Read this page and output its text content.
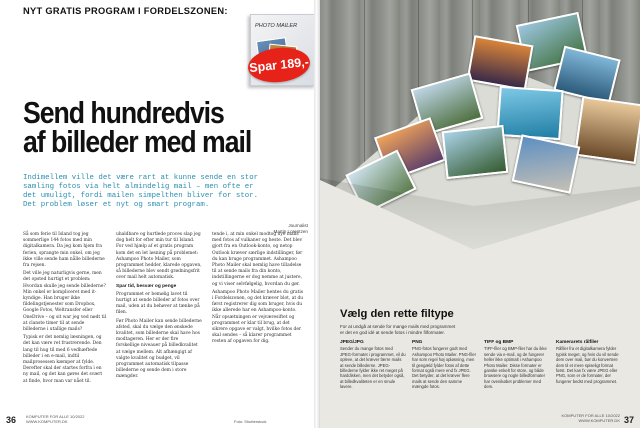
NYT GRATIS PROGRAM I FORDELSZONEN:
PHOTO MAILER
Spar 189,-
Send hundredvis
af billeder med mail
Indimellem ville det være rart at kunne sende en stor
samling fotos via helt almindelig mail – men ofte er
det umuligt, fordi mailen simpelthen bliver for stor.
Det problem løser et nyt og smart program.
Journalist
Martin Lorentzen

Så som ferie til Island tog jeg sommerlige 144 fotos med min digitalkamera. Da jeg kom hjem fra ferien, sprangte min onkel, om jeg ikke ville sende ham nålle billederne fra rejsen.

Det ville jeg naturligvis gerne, men det opsted hurtigt et problem: Hvordan skulle jeg sende billederne? Min onkel er kompliceret med it-kyndige. Han bruger ikke fildelingstjenester som Dropbox, Google Fotos, Weltransfer eller OneDrive – og sit war jeg ved nødt til at clanste timer til at sende billederne i utallige mails?

Typisk er det nemlig læsningen, og det kan være ret frustrerende. Den lang til hug til med 6 vedhæftede billeder i en e-mail, indtil mailprosessen kæmper at fylde. Derefter skal der startes forfra i en ny mail, og det kan gøres det svært at finde, hvor man var nået til.

uhaldbare og hurtlede proces slap jeg dog helt for efter min tur til Island. For ved hjælp af et gratis program kom det en let løsning på problemet: Ashampoo Photo Mailer, som programmet hedder, klarede opgaven, så billederne blev sendt grødningsfrit over mail helt automatisk.

Spar tid, besvær og penge

Programmet er bemølig lavet til hurtigt at sende billeder af fotos over mail, uden at du behøver at tænke på filen.

Før Photo Mailer kan sende billederne afsted, skal du vælge den ønskede kvalitet, som billederne skal have hos modtageren. Her er der fire forskellige niveauer på billedkvalitet at vælge mellem. Alt afhængigt af valgte kvalitet og budget, vil programmet automatisk tilpasse billederne og sende dem i store mængder.

tende i, at min onkel modtog nye mails med fotos af vulkaner og heste. Det blev gjort fra en Outlook-konto, og netop Outlook kræver særlige indstillinger, før du kan bruge programmet. Ashampoo Photo Mailer skal nemlig have tilladelse til at sende mails fra din konto, indstillingerne er dog nemme at justere, og vi viser selvfølgelig, hvordan du gør.

Ashampoo Photo Mailer hentes du gratis i Fordelszonen, og det kræver blot, at du først registrerer dig som bruger, hvis du ikke allerede har en Ashampoo-konto. Når opsætningen er vejværesiftet og programmet er klar til brug, at det sikrere opgave er valgt, hvilke fotos der skal sendes – så klarer programmet resten af opgaven for dig.

36 KOMPUTER FOR ALLE 10/2022
WWW.KOMPUTER.DK	Foto: Shutterstock
Vælg den rette filtype
For at undgå at sende for mange mails med programmet
er det en god idé at sende fotos i mindre filformater.
JPEG/JPG
Sender du mange fotos med JPEG-formatet i programmet, vil du opleve, at det kræver færre mails at sende billederne. JPEG-billederne fylder ikke ret meget på harddisken, men det betyder også, at billedkvaliteten er en smule lavere.
PNG
PNG-fotos fungerer godt med Ashampoo Photo Mailer. PNG-filer har som regel høj opløsning, men til gengæld fylder fotos af dette format også mere end fx JPEG. Det betyder, at det kræver flere mails at sende den samme mængde fotos.
TIFF og BMP
TIFF-filer og BMP-filer har du ikke sende via e-mail, og de fungerer heller ikke optimalt i Ashampoo Photo Mailer. Disse formater er ganske enkelt for store, og både browsere og nogle billedformater har ovenikøbet problemer med dem.
Kamerarets rålfiler
Råfiler fra et digitalkamera fylder typisk meget, og hvis du vil sende dem over mail, bør du konvertere dem til et mere spiseligt format først. Det kan fx være JPEG eller PNG, som er de formater, der fungerer bedst med programmet.
KOMPUTER FOR ALLE 10/2022
WWW.KOMPUTER.DK 37
